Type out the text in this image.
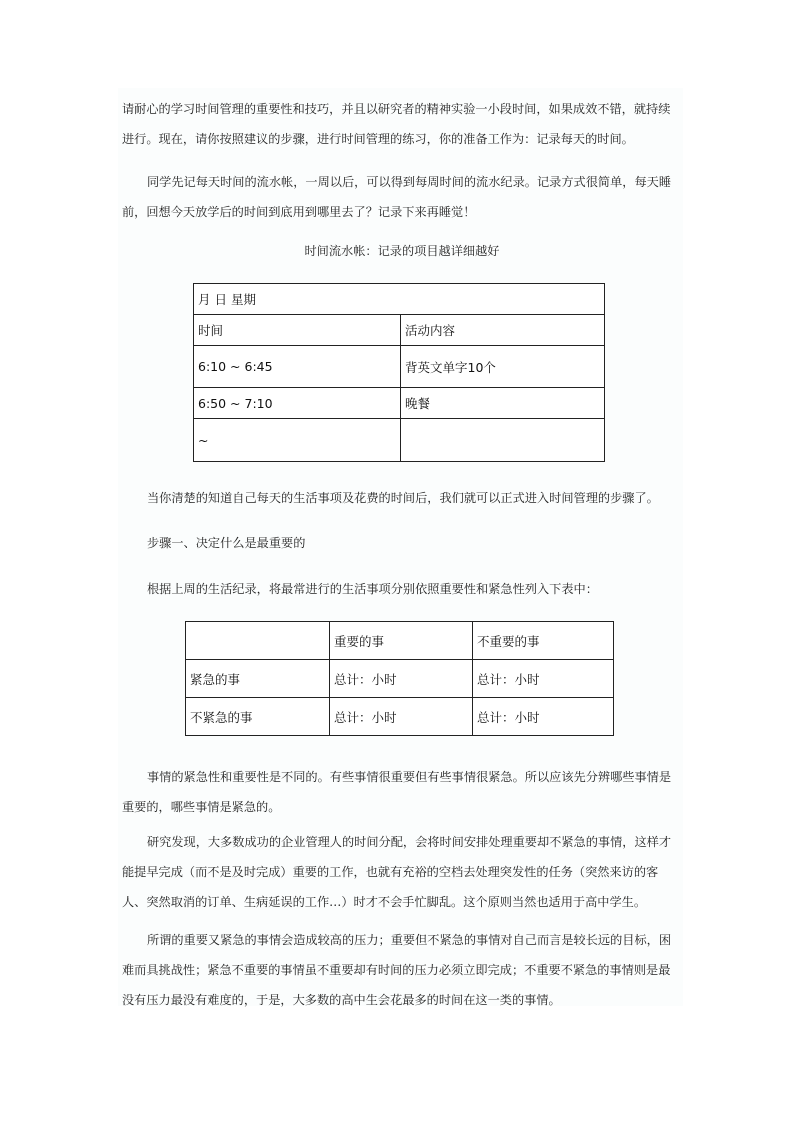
请耐心的学习时间管理的重要性和技巧，并且以研究者的精神实验一小段时间，如果成效不错，就持续进行。现在，请你按照建议的步骤，进行时间管理的练习，你的准备工作为：记录每天的时间。

同学先记每天时间的流水帐，一周以后，可以得到每周时间的流水纪录。记录方式很简单，每天睡前，回想今天放学后的时间到底用到哪里去了？记录下来再睡觉！

时间流水帐：记录的项目越详细越好

月 日 星期	
时间	活动内容
6:10 ~ 6:45	背英文单字10个
6:50 ~ 7:10	晚餐
~	

当你清楚的知道自己每天的生活事项及花费的时间后，我们就可以正式进入时间管理的步骤了。

步骤一、决定什么是最重要的

根据上周的生活纪录，将最常进行的生活事项分别依照重要性和紧急性列入下表中：

	重要的事	不重要的事
紧急的事	总计：小时	总计：小时
不紧急的事	总计：小时	总计：小时

事情的紧急性和重要性是不同的。有些事情很重要但有些事情很紧急。所以应该先分辨哪些事情是重要的，哪些事情是紧急的。

研究发现，大多数成功的企业管理人的时间分配，会将时间安排处理重要却不紧急的事情，这样才能提早完成（而不是及时完成）重要的工作，也就有充裕的空档去处理突发性的任务（突然来访的客人、突然取消的订单、生病延误的工作…）时才不会手忙脚乱。这个原则当然也适用于高中学生。

所谓的重要又紧急的事情会造成较高的压力；重要但不紧急的事情对自己而言是较长远的目标，困难而具挑战性；紧急不重要的事情虽不重要却有时间的压力必须立即完成；不重要不紧急的事情则是最没有压力最没有难度的，于是，大多数的高中生会花最多的时间在这一类的事情。
